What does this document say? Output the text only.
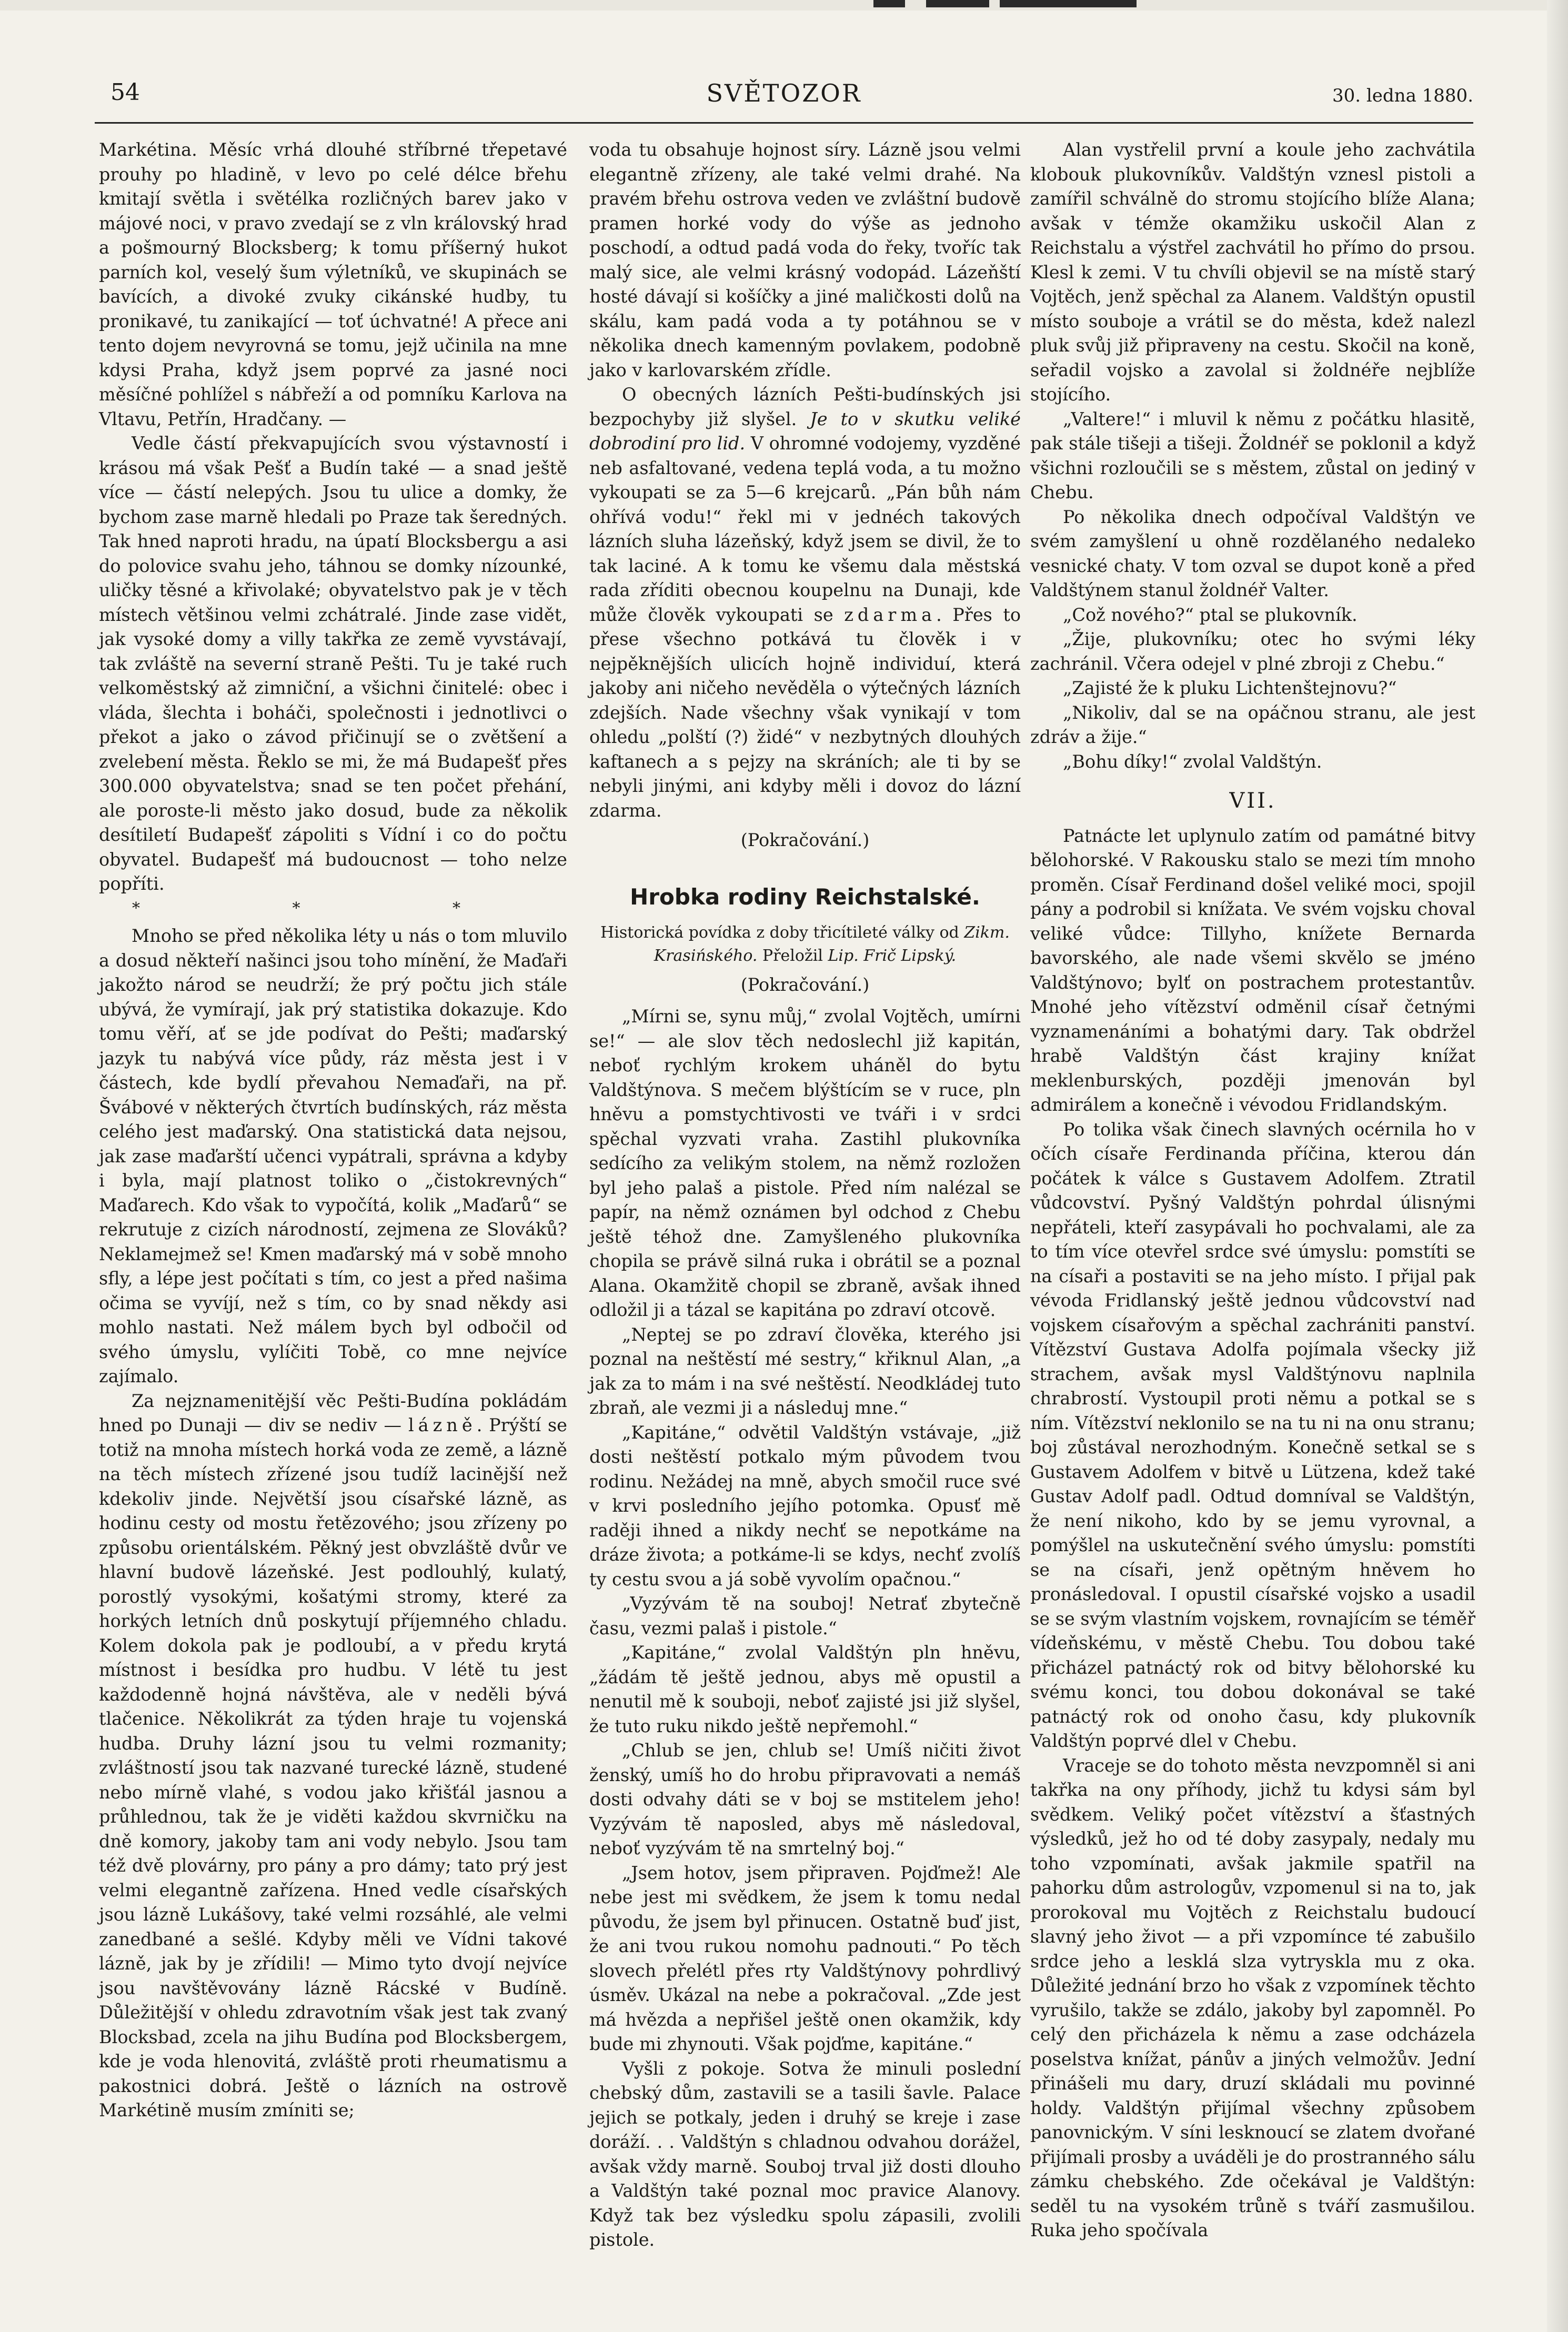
54	SVĚTOZOR	30. ledna 1880.

Markétina. Měsíc vrhá dlouhé stříbrné třepetavé prouhy po hladině, v levo po celé délce břehu kmitají světla i světélka rozličných barev jako v májové noci, v pravo zvedají se z vln královský hrad a pošmourný Blocksberg; k tomu příšerný hukot parních kol, veselý šum výletníků, ve skupinách se bavících, a divoké zvuky cikánské hudby, tu pronikavé, tu zanikající — toť úchvatné! A přece ani tento dojem nevyrovná se tomu, jejž učinila na mne kdysi Praha, když jsem poprvé za jasné noci měsíčné pohlížel s nábřeží a od pomníku Karlova na Vltavu, Petřín, Hradčany. —

Vedle částí překvapujících svou výstavností i krásou má však Pešť a Budín také — a snad ještě více — částí nelepých. Jsou tu ulice a domky, že bychom zase marně hledali po Praze tak šeredných. Tak hned naproti hradu, na úpatí Blocksbergu a asi do polovice svahu jeho, táhnou se domky nízounké, uličky těsné a křivolaké; obyvatelstvo pak je v těch místech většinou velmi zchátralé. Jinde zase vidět, jak vysoké domy a villy takřka ze země vyvstávají, tak zvláště na severní straně Pešti. Tu je také ruch velkoměstský až zimniční, a všichni činitelé: obec i vláda, šlechta i boháči, společnosti i jednotlivci o překot a jako o závod přičinují se o zvětšení a zvelebení města. Řeklo se mi, že má Budapešť přes 300.000 obyvatelstva; snad se ten počet přehání, ale poroste-li město jako dosud, bude za několik desítiletí Budapešť zápoliti s Vídní i co do počtu obyvatel. Budapešť má budoucnost — toho nelze popříti.

* * *

Mnoho se před několika léty u nás o tom mluvilo a dosud někteří našinci jsou toho mínění, že Maďaři jakožto národ se neudrží; že prý počtu jich stále ubývá, že vymírají, jak prý statistika dokazuje. Kdo tomu věří, ať se jde podívat do Pešti; maďarský jazyk tu nabývá více půdy, ráz města jest i v částech, kde bydlí převahou Nemaďaři, na př. Švábové v některých čtvrtích budínských, ráz města celého jest maďarský. Ona statistická data nejsou, jak zase maďarští učenci vypátrali, správna a kdyby i byla, mají platnost toliko o „čistokrevných“ Maďarech. Kdo však to vypočítá, kolik „Maďarů“ se rekrutuje z cizích národností, zejmena ze Slováků? Neklamejmež se! Kmen maďarský má v sobě mnoho sfly, a lépe jest počítati s tím, co jest a před našima očima se vyvíjí, než s tím, co by snad někdy asi mohlo nastati. Než málem bych byl odbočil od svého úmyslu, vylíčiti Tobě, co mne nejvíce zajímalo.

Za nejznamenitější věc Pešti-Budína pokládám hned po Dunaji — div se nediv — lázně. Prýští se totiž na mnoha místech horká voda ze země, a lázně na těch místech zřízené jsou tudíž lacinější než kdekoliv jinde. Největší jsou císařské lázně, as hodinu cesty od mostu řetězového; jsou zřízeny po způsobu orientálském. Pěkný jest obvzláště dvůr ve hlavní budově lázeňské. Jest podlouhlý, kulatý, porostlý vysokými, košatými stromy, které za horkých letních dnů poskytují příjemného chladu. Kolem dokola pak je podloubí, a v předu krytá místnost i besídka pro hudbu. V létě tu jest každodenně hojná návštěva, ale v neděli bývá tlačenice. Několikrát za týden hraje tu vojenská hudba. Druhy lázní jsou tu velmi rozmanity; zvláštností jsou tak nazvané turecké lázně, studené nebo mírně vlahé, s vodou jako křišťál jasnou a průhlednou, tak že je viděti každou skvrničku na dně komory, jakoby tam ani vody nebylo. Jsou tam též dvě plovárny, pro pány a pro dámy; tato prý jest velmi elegantně zařízena. Hned vedle císařských jsou lázně Lukášovy, také velmi rozsáhlé, ale velmi zanedbané a sešlé. Kdyby měli ve Vídni takové lázně, jak by je zřídili! — Mimo tyto dvojí nejvíce jsou navštěvovány lázně Rácské v Budíně. Důležitější v ohledu zdravotním však jest tak zvaný Blocksbad, zcela na jihu Budína pod Blocksbergem, kde je voda hlenovitá, zvláště proti rheumatismu a pakostnici dobrá. Ještě o lázních na ostrově Markétině musím zmíniti se;

voda tu obsahuje hojnost síry. Lázně jsou velmi elegantně zřízeny, ale také velmi drahé. Na pravém břehu ostrova veden ve zvláštní budově pramen horké vody do výše as jednoho poschodí, a odtud padá voda do řeky, tvoříc tak malý sice, ale velmi krásný vodopád. Lázeňští hosté dávají si košíčky a jiné maličkosti dolů na skálu, kam padá voda a ty potáhnou se v několika dnech kamenným povlakem, podobně jako v karlovarském zřídle.

O obecných lázních Pešti-budínských jsi bezpochyby již slyšel. Je to v skutku veliké dobrodiní pro lid. V ohromné vodojemy, vyzděné neb asfaltované, vedena teplá voda, a tu možno vykoupati se za 5—6 krejcarů. „Pán bůh nám ohřívá vodu!“ řekl mi v jednéch takových lázních sluha lázeňský, když jsem se divil, že to tak laciné. A k tomu ke všemu dala městská rada zříditi obecnou koupelnu na Dunaji, kde může člověk vykoupati se zdarma. Přes to přese všechno potkává tu člověk i v nejpěknějších ulicích hojně individuí, která jakoby ani ničeho nevěděla o výtečných lázních zdejších. Nade všechny však vynikají v tom ohledu „polští (?) židé“ v nezbytných dlouhých kaftanech a s pejzy na skráních; ale ti by se nebyli jinými, ani kdyby měli i dovoz do lázní zdarma.

(Pokračování.)

Hrobka rodiny Reichstalské.
Historická povídka z doby třicítileté války od Zikm. Krasińského. Přeložil Lip. Frič Lipský.

(Pokračování.)

„Mírni se, synu můj,“ zvolal Vojtěch, umírni se!“ — ale slov těch nedoslechl již kapitán, neboť rychlým krokem uháněl do bytu Valdštýnova. S mečem blýštícím se v ruce, pln hněvu a pomstychtivosti ve tváři i v srdci spěchal vyzvati vraha. Zastihl plukovníka sedícího za velikým stolem, na němž rozložen byl jeho palaš a pistole. Před ním nalézal se papír, na němž oznámen byl odchod z Chebu ještě téhož dne. Zamyšleného plukovníka chopila se právě silná ruka i obrátil se a poznal Alana. Okamžitě chopil se zbraně, avšak ihned odložil ji a tázal se kapitána po zdraví otcově.

„Neptej se po zdraví člověka, kterého jsi poznal na neštěstí mé sestry,“ křiknul Alan, „a jak za to mám i na své neštěstí. Neodkládej tuto zbraň, ale vezmi ji a následuj mne.“

„Kapitáne,“ odvětil Valdštýn vstávaje, „již dosti neštěstí potkalo mým původem tvou rodinu. Nežádej na mně, abych smočil ruce své v krvi posledního jejího potomka. Opusť mě raději ihned a nikdy nechť se nepotkáme na dráze života; a potkáme-li se kdys, nechť zvolíš ty cestu svou a já sobě vyvolím opačnou.“

„Vyzývám tě na souboj! Netrať zbytečně času, vezmi palaš i pistole.“

„Kapitáne,“ zvolal Valdštýn pln hněvu, „žádám tě ještě jednou, abys mě opustil a nenutil mě k souboji, neboť zajisté jsi již slyšel, že tuto ruku nikdo ještě nepřemohl.“

„Chlub se jen, chlub se! Umíš ničiti život ženský, umíš ho do hrobu připravovati a nemáš dosti odvahy dáti se v boj se mstitelem jeho! Vyzývám tě naposled, abys mě následoval, neboť vyzývám tě na smrtelný boj.“

„Jsem hotov, jsem připraven. Pojďmež! Ale nebe jest mi svědkem, že jsem k tomu nedal původu, že jsem byl přinucen. Ostatně buď jist, že ani tvou rukou nomohu padnouti.“ Po těch slovech přelétl přes rty Valdštýnovy pohrdlivý úsměv. Ukázal na nebe a pokračoval. „Zde jest má hvězda a nepřišel ještě onen okamžik, kdy bude mi zhynouti. Však pojďme, kapitáne.“

Vyšli z pokoje. Sotva že minuli poslední chebský dům, zastavili se a tasili šavle. Palace jejich se potkaly, jeden i druhý se kreje i zase doráží. . . Valdštýn s chladnou odvahou dorážel, avšak vždy marně. Souboj trval již dosti dlouho a Valdštýn také poznal moc pravice Alanovy. Když tak bez výsledku spolu zápasili, zvolili pistole.

Alan vystřelil první a koule jeho zachvátila klobouk plukovníkův. Valdštýn vznesl pistoli a zamířil schválně do stromu stojícího blíže Alana; avšak v témže okamžiku uskočil Alan z Reichstalu a výstřel zachvátil ho přímo do prsou. Klesl k zemi. V tu chvíli objevil se na místě starý Vojtěch, jenž spěchal za Alanem. Valdštýn opustil místo souboje a vrátil se do města, kdež nalezl pluk svůj již připraveny na cestu. Skočil na koně, seřadil vojsko a zavolal si žoldnéře nejblíže stojícího.

„Valtere!“ i mluvil k němu z počátku hlasitě, pak stále tišeji a tišeji. Žoldnéř se poklonil a když všichni rozloučili se s městem, zůstal on jediný v Chebu.

Po několika dnech odpočíval Valdštýn ve svém zamyšlení u ohně rozdělaného nedaleko vesnické chaty. V tom ozval se dupot koně a před Valdštýnem stanul žoldnéř Valter.

„Což nového?“ ptal se plukovník.

„Žije, plukovníku; otec ho svými léky zachránil. Včera odejel v plné zbroji z Chebu.“

„Zajisté že k pluku Lichtenštejnovu?“

„Nikoliv, dal se na opáčnou stranu, ale jest zdráv a žije.“

„Bohu díky!“ zvolal Valdštýn.

VII.

Patnácte let uplynulo zatím od památné bitvy bělohorské. V Rakousku stalo se mezi tím mnoho proměn. Císař Ferdinand došel veliké moci, spojil pány a podrobil si knížata. Ve svém vojsku choval veliké vůdce: Tillyho, knížete Bernarda bavorského, ale nade všemi skvělo se jméno Valdštýnovo; bylť on postrachem protestantův. Mnohé jeho vítězství odměnil císař četnými vyznamenáními a bohatými dary. Tak obdržel hrabě Valdštýn část krajiny knížat meklenburských, později jmenován byl admirálem a konečně i vévodou Fridlandským.

Po tolika však činech slavných océrnila ho v očích císaře Ferdinanda příčina, kterou dán počátek k válce s Gustavem Adolfem. Ztratil vůdcovství. Pyšný Valdštýn pohrdal úlisnými nepřáteli, kteří zasypávali ho pochvalami, ale za to tím více otevřel srdce své úmyslu: pomstíti se na císaři a postaviti se na jeho místo. I přijal pak vévoda Fridlanský ještě jednou vůdcovství nad vojskem císařovým a spěchal zachrániti panství. Vítězství Gustava Adolfa pojímala všecky již strachem, avšak mysl Valdštýnovu naplnila chrabrostí. Vystoupil proti němu a potkal se s ním. Vítězství neklonilo se na tu ni na onu stranu; boj zůstával nerozhodným. Konečně setkal se s Gustavem Adolfem v bitvě u Lützena, kdež také Gustav Adolf padl. Odtud domníval se Valdštýn, že není nikoho, kdo by se jemu vyrovnal, a pomýšlel na uskutečnění svého úmyslu: pomstíti se na císaři, jenž opětným hněvem ho pronásledoval. I opustil císařské vojsko a usadil se se svým vlastním vojskem, rovnajícím se téměř vídeňskému, v městě Chebu. Tou dobou také přicházel patnáctý rok od bitvy bělohorské ku svému konci, tou dobou dokonával se také patnáctý rok od onoho času, kdy plukovník Valdštýn poprvé dlel v Chebu.

Vraceje se do tohoto města nevzpomněl si ani takřka na ony příhody, jichž tu kdysi sám byl svědkem. Veliký počet vítězství a šťastných výsledků, jež ho od té doby zasypaly, nedaly mu toho vzpomínati, avšak jakmile spatřil na pahorku dům astrologův, vzpomenul si na to, jak prorokoval mu Vojtěch z Reichstalu budoucí slavný jeho život — a při vzpomínce té zabušilo srdce jeho a lesklá slza vytryskla mu z oka. Důležité jednání brzo ho však z vzpomínek těchto vyrušilo, takže se zdálo, jakoby byl zapomněl. Po celý den přicházela k němu a zase odcházela poselstva knížat, pánův a jiných velmožův. Jední přinášeli mu dary, druzí skládali mu povinné holdy. Valdštýn přijímal všechny způsobem panovnickým. V síni lesknoucí se zlatem dvořané přijímali prosby a uváděli je do prostranného sálu zámku chebského. Zde očekával je Valdštýn: seděl tu na vysokém trůně s tváří zasmušilou. Ruka jeho spočívala
